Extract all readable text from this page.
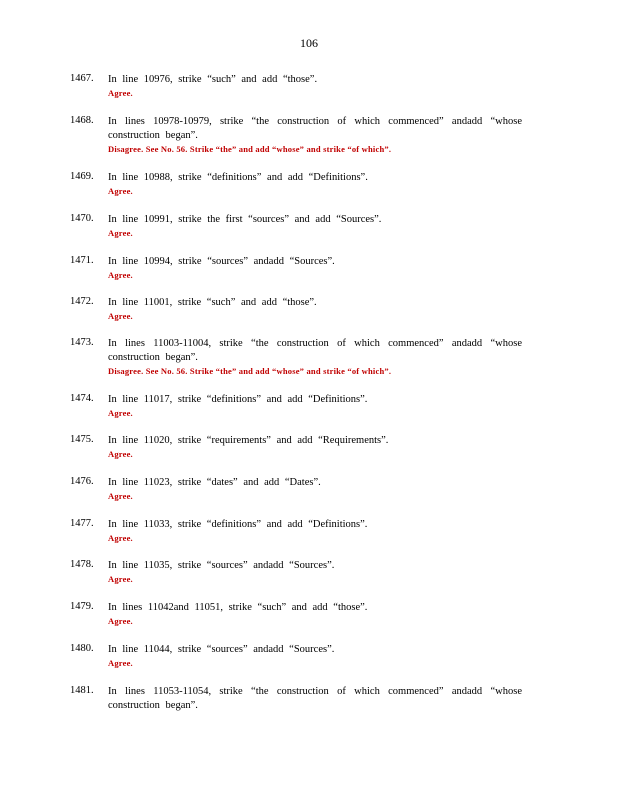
106
1467.	In line 10976, strike “such” and add “those”.
Agree.
1468.	In lines 10978-10979, strike “the construction of which commenced” andadd “whose
construction began”.
Disagree. See No. 56. Strike “the” and add “whose” and strike “of which”.
1469.	In line 10988, strike “definitions” and add “Definitions”.
Agree.
1470.	In line 10991, strike the first “sources” and add “Sources”.
Agree.
1471.	In line 10994, strike “sources” andadd “Sources”.
Agree.
1472.	In line 11001, strike “such” and add “those”.
Agree.
1473.	In lines 11003-11004, strike “the construction of which commenced” andadd “whose
construction began”.
Disagree. See No. 56. Strike “the” and add “whose” and strike “of which”.
1474.	In line 11017, strike “definitions” and add “Definitions”.
Agree.
1475.	In line 11020, strike “requirements” and add “Requirements”.
Agree.
1476.	In line 11023, strike “dates” and add “Dates”.
Agree.
1477.	In line 11033, strike “definitions” and add “Definitions”.
Agree.
1478.	In line 11035, strike “sources” andadd “Sources”.
Agree.
1479.	In lines 11042and 11051, strike “such” and add “those”.
Agree.
1480.	In line 11044, strike “sources” andadd “Sources”.
Agree.
1481.	In lines 11053-11054, strike “the construction of which commenced” andadd “whose
construction began”.
